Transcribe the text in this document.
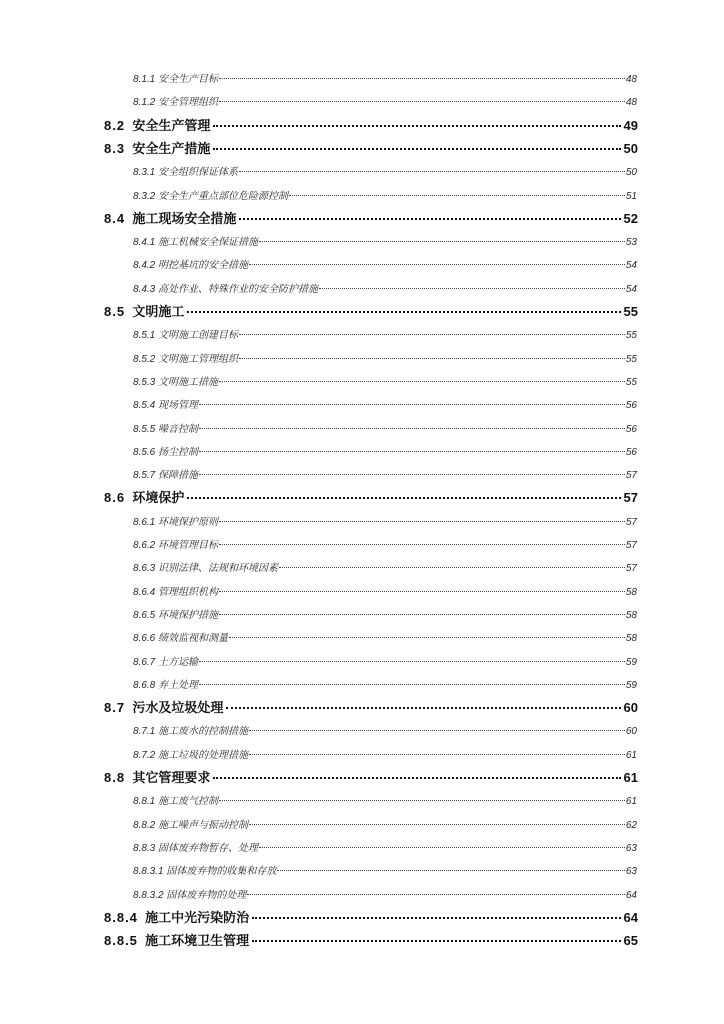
8.1.1 安全生产目标	48
8.1.2 安全管理组织	48
8.2 安全生产管理	49
8.3 安全生产措施	50
8.3.1 安全组织保证体系	50
8.3.2 安全生产重点部位危险源控制	51
8.4 施工现场安全措施	52
8.4.1 施工机械安全保证措施	53
8.4.2 明挖基坑的安全措施	54
8.4.3 高处作业、特殊作业的安全防护措施	54
8.5 文明施工	55
8.5.1 文明施工创建目标	55
8.5.2 文明施工管理组织	55
8.5.3 文明施工措施	55
8.5.4 现场管理	56
8.5.5 噪音控制	56
8.5.6 扬尘控制	56
8.5.7 保障措施	57
8.6 环境保护	57
8.6.1 环境保护原则	57
8.6.2 环境管理目标	57
8.6.3 识别法律、法规和环境因素	57
8.6.4 管理组织机构	58
8.6.5 环境保护措施	58
8.6.6 绩效监视和测量	58
8.6.7 土方运输	59
8.6.8 弃土处理	59
8.7 污水及垃圾处理	60
8.7.1 施工废水的控制措施	60
8.7.2 施工垃圾的处理措施	61
8.8 其它管理要求	61
8.8.1 施工废气控制	61
8.8.2 施工噪声与振动控制	62
8.8.3 固体废弃物暂存、处理	63
8.8.3.1 固体废弃物的收集和存放	63
8.8.3.2 固体废弃物的处理	64
8.8.4 施工中光污染防治	64
8.8.5 施工环境卫生管理	65
